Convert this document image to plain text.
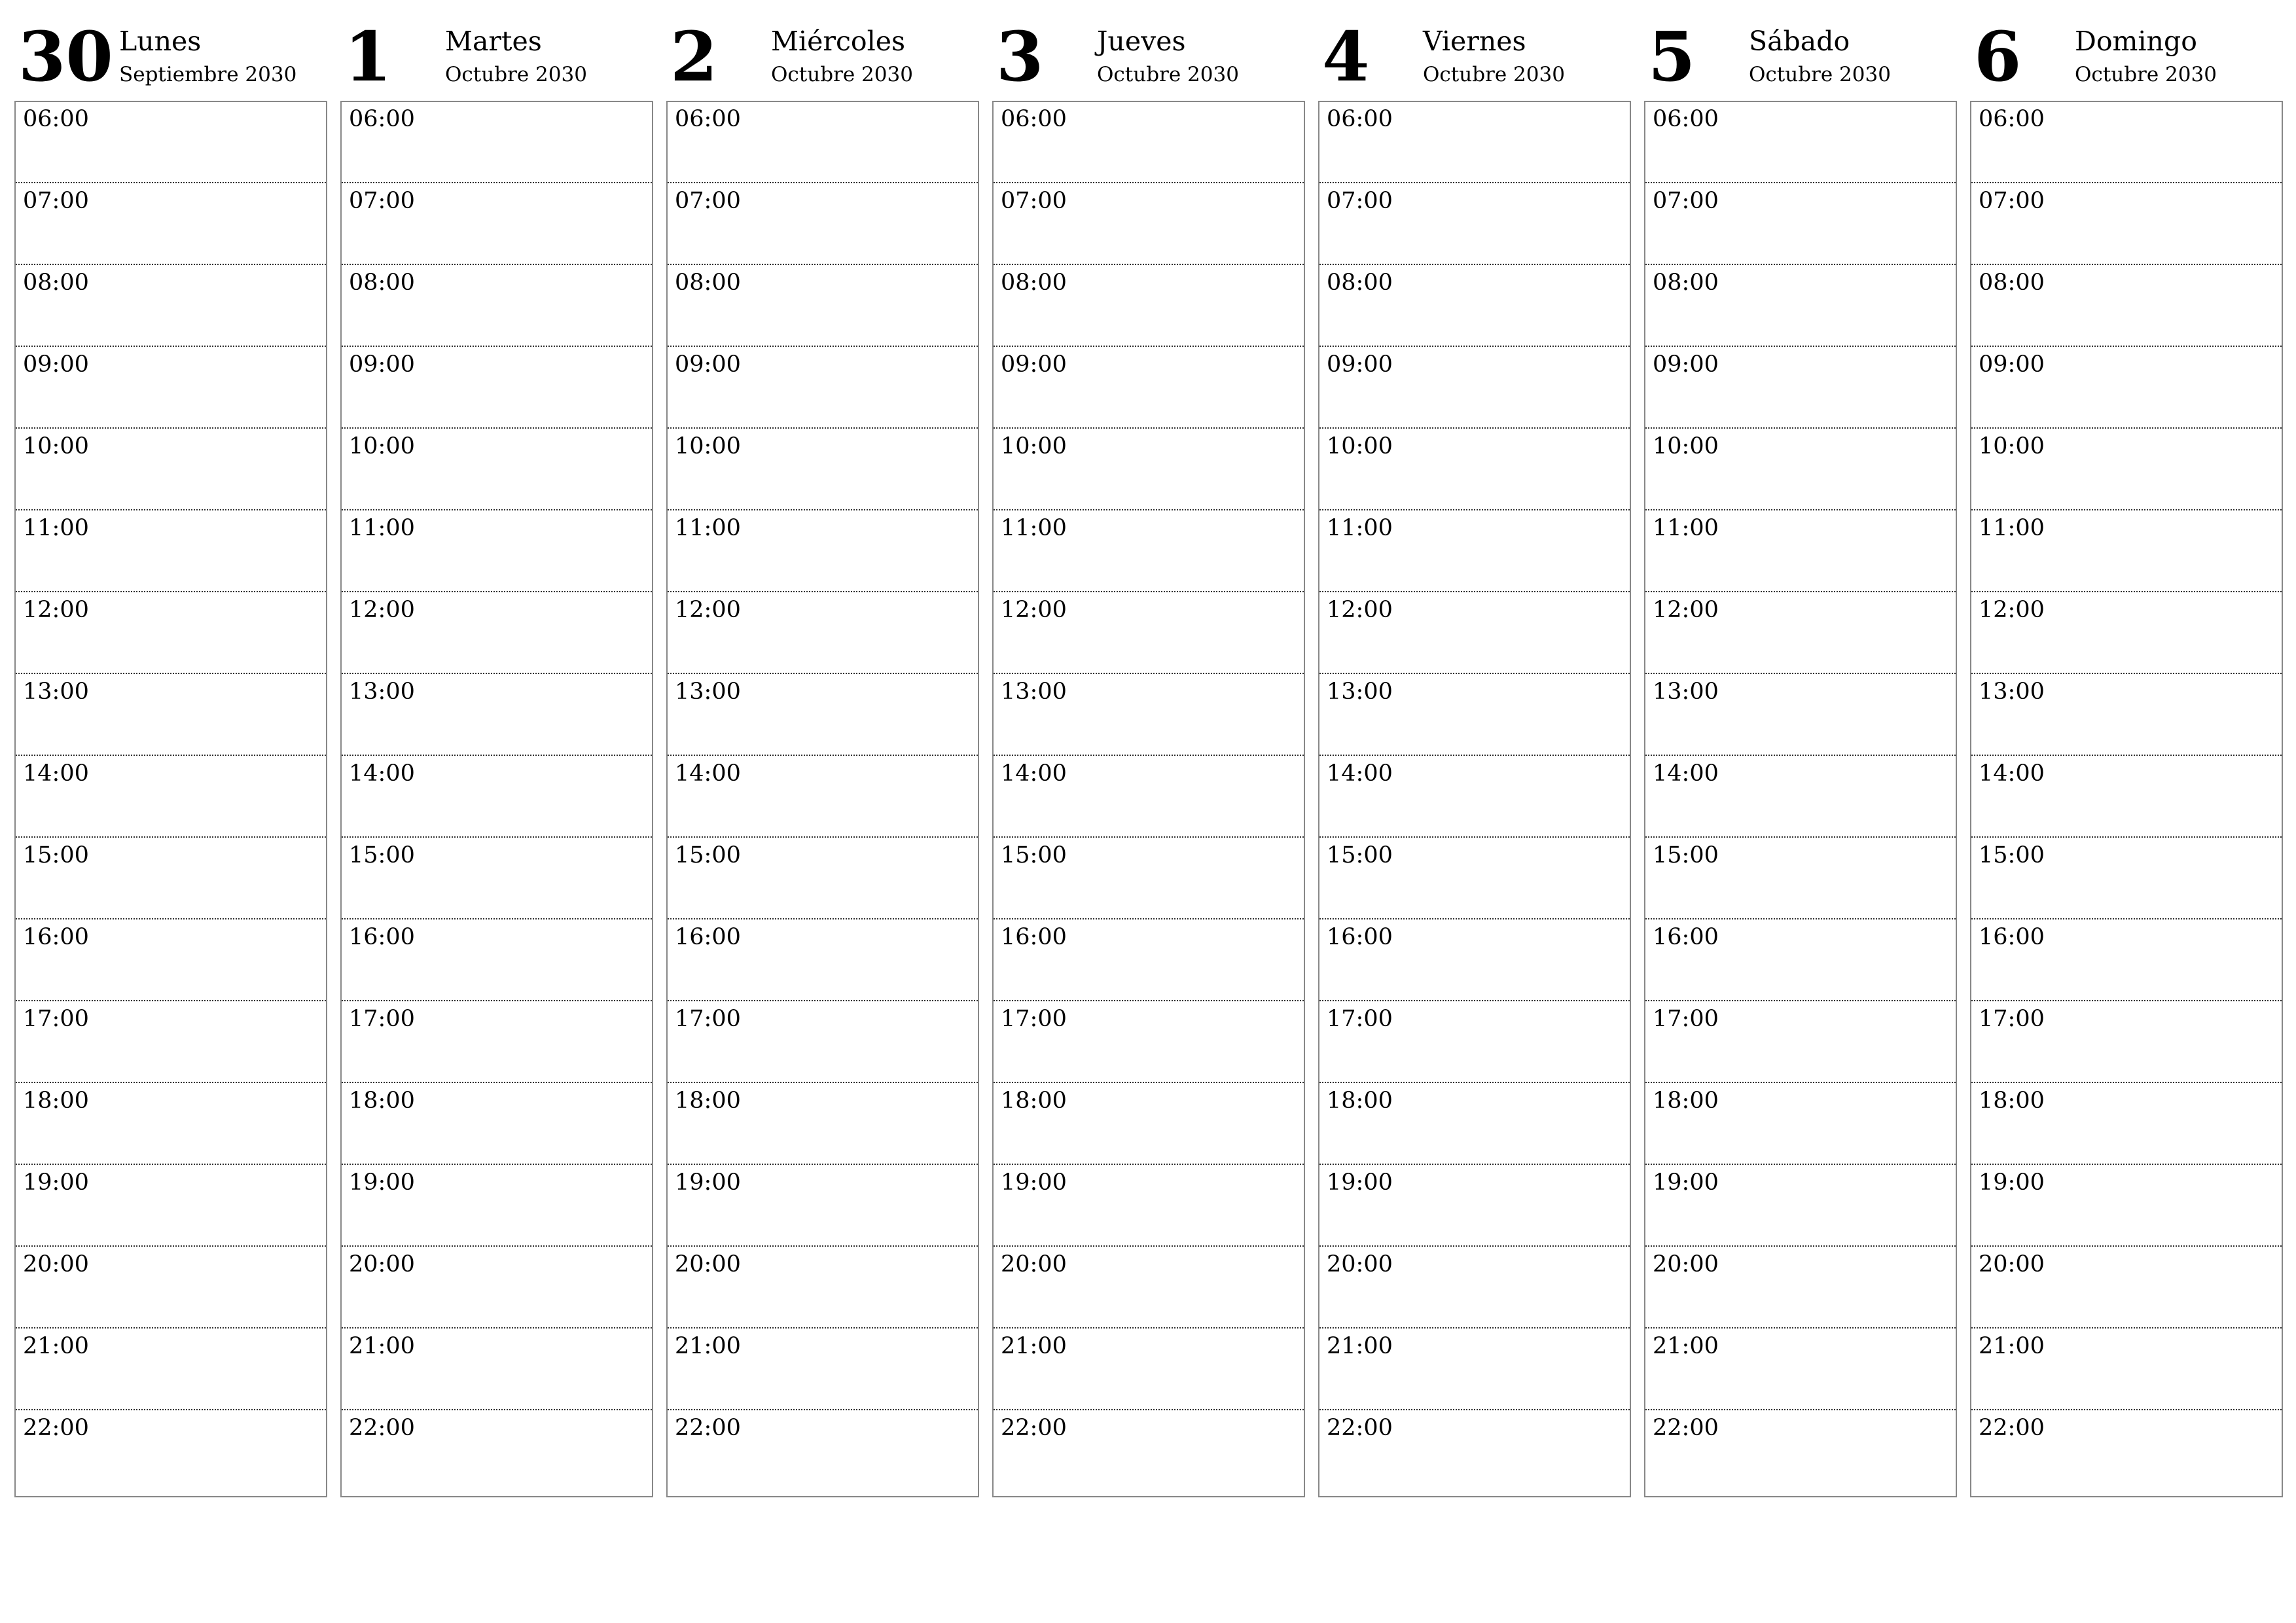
30 Lunes
Septiembre 2030
06:00
07:00
08:00
09:00
10:00
11:00
12:00
13:00
14:00
15:00
16:00
17:00
18:00
19:00
20:00
21:00
22:00
1 Martes
Octubre 2030
06:00
07:00
08:00
09:00
10:00
11:00
12:00
13:00
14:00
15:00
16:00
17:00
18:00
19:00
20:00
21:00
22:00
2 Miércoles
Octubre 2030
06:00
07:00
08:00
09:00
10:00
11:00
12:00
13:00
14:00
15:00
16:00
17:00
18:00
19:00
20:00
21:00
22:00
3 Jueves
Octubre 2030
06:00
07:00
08:00
09:00
10:00
11:00
12:00
13:00
14:00
15:00
16:00
17:00
18:00
19:00
20:00
21:00
22:00
4 Viernes
Octubre 2030
06:00
07:00
08:00
09:00
10:00
11:00
12:00
13:00
14:00
15:00
16:00
17:00
18:00
19:00
20:00
21:00
22:00
5 Sábado
Octubre 2030
06:00
07:00
08:00
09:00
10:00
11:00
12:00
13:00
14:00
15:00
16:00
17:00
18:00
19:00
20:00
21:00
22:00
6 Domingo
Octubre 2030
06:00
07:00
08:00
09:00
10:00
11:00
12:00
13:00
14:00
15:00
16:00
17:00
18:00
19:00
20:00
21:00
22:00
